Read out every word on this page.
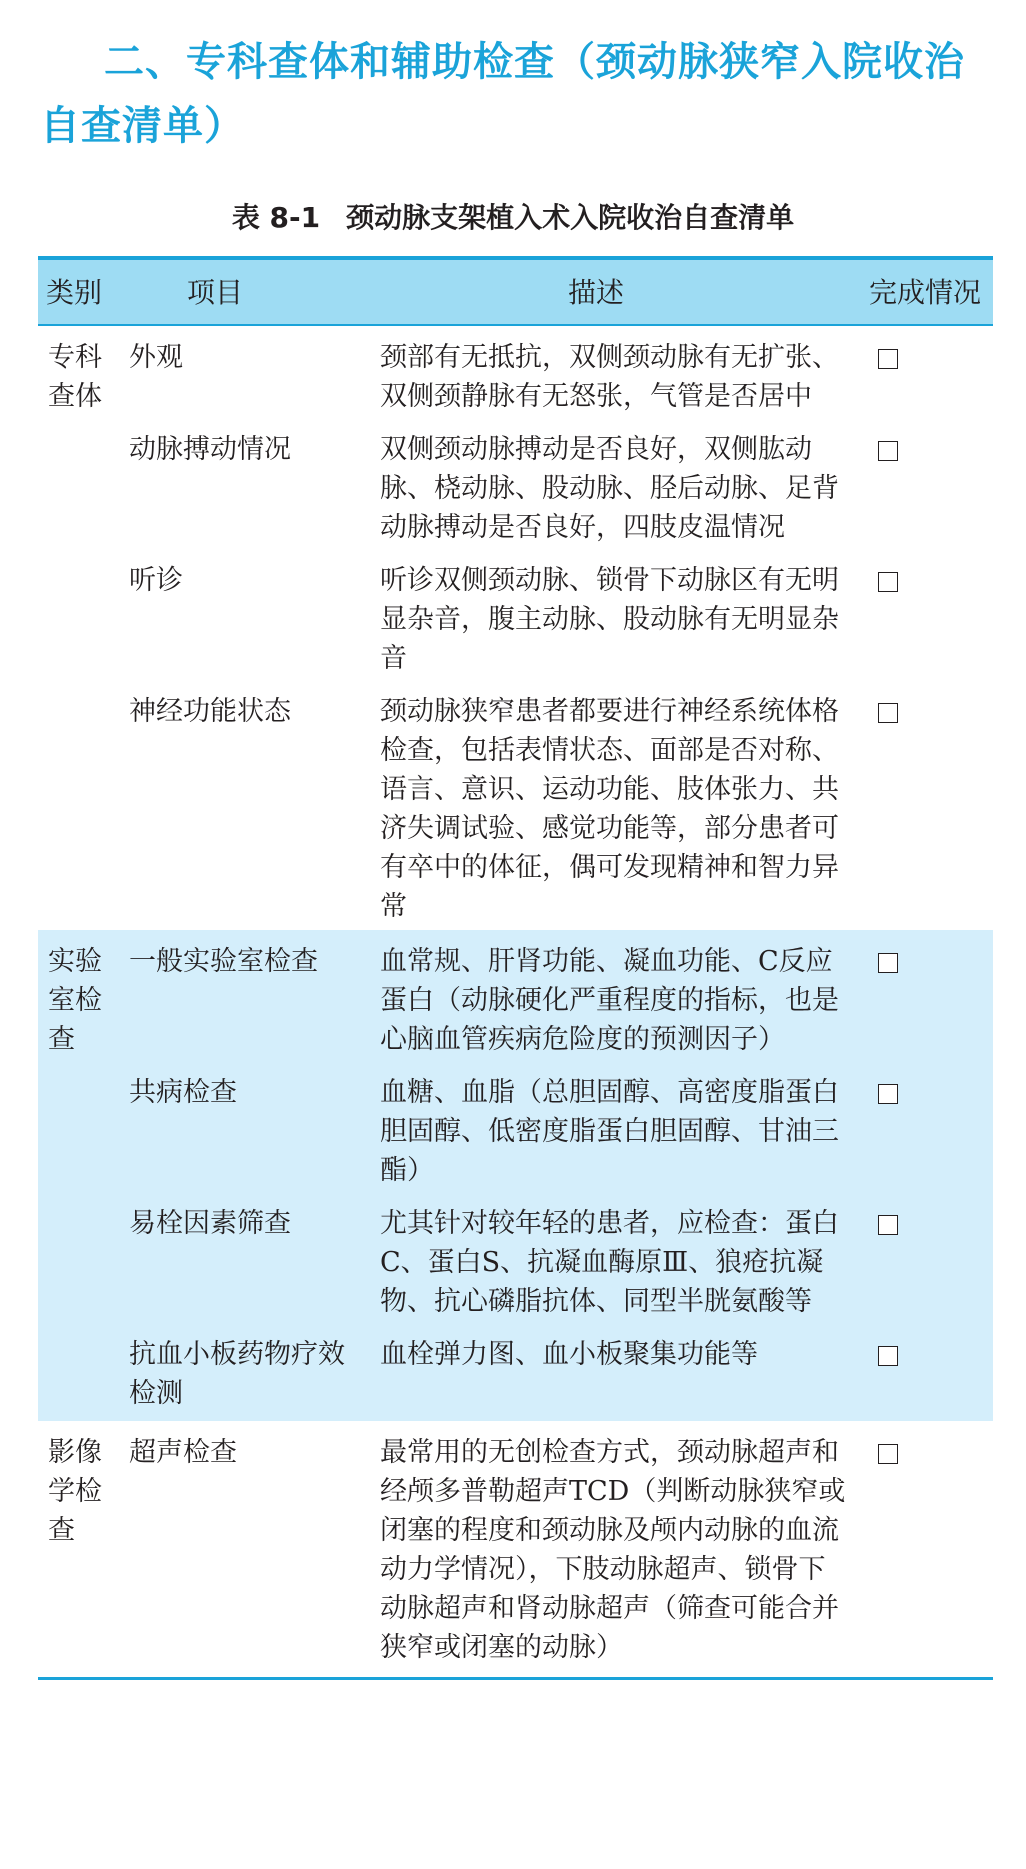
二、专科查体和辅助检查（颈动脉狭窄入院收治自查清单）
表 8-1 颈动脉支架植入术入院收治自查清单
类别	项目	描述	完成情况
专科查体	外观	颈部有无抵抗，双侧颈动脉有无扩张、双侧颈静脉有无怒张，气管是否居中	
	动脉搏动情况	双侧颈动脉搏动是否良好，双侧肱动脉、桡动脉、股动脉、胫后动脉、足背动脉搏动是否良好，四肢皮温情况	
	听诊	听诊双侧颈动脉、锁骨下动脉区有无明显杂音，腹主动脉、股动脉有无明显杂音	
	神经功能状态	颈动脉狭窄患者都要进行神经系统体格检查，包括表情状态、面部是否对称、语言、意识、运动功能、肢体张力、共济失调试验、感觉功能等，部分患者可有卒中的体征，偶可发现精神和智力异常	
实验室检查	一般实验室检查	血常规、肝肾功能、凝血功能、C反应蛋白（动脉硬化严重程度的指标，也是心脑血管疾病危险度的预测因子）	
	共病检查	血糖、血脂（总胆固醇、高密度脂蛋白胆固醇、低密度脂蛋白胆固醇、甘油三酯）	
	易栓因素筛查	尤其针对较年轻的患者，应检查：蛋白C、蛋白S、抗凝血酶原Ⅲ、狼疮抗凝物、抗心磷脂抗体、同型半胱氨酸等	
	抗血小板药物疗效检测	血栓弹力图、血小板聚集功能等	
影像学检查	超声检查	最常用的无创检查方式，颈动脉超声和经颅多普勒超声TCD（判断动脉狭窄或闭塞的程度和颈动脉及颅内动脉的血流动力学情况），下肢动脉超声、锁骨下动脉超声和肾动脉超声（筛查可能合并狭窄或闭塞的动脉）	
